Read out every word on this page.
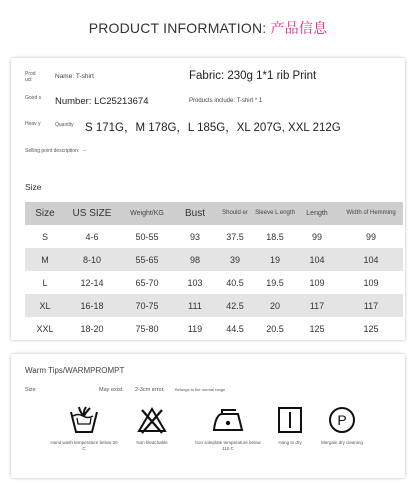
PRODUCT INFORMATION: 产品信息
Prod uct	Name: T-shirt	Fabric: 230g 1*1 rib Print
Good s Number: LC25213674	Products include: T-shirt * 1
Heav y	Quantity S 171G，M 178G，L 185G，XL 207G, XXL 212G
Selling point description: --
Size
Size	US SIZE	Weight/KG	Bust	Should er	Sleeve L ength	Length	Width of Hemming
S	4-6	50-55	93	37.5	18.5	99	99
M	8-10	55-65	98	39	19	104	104
L	12-14	65-70	103	40.5	19.5	109	109
XL	16-18	70-75	111	42.5	20	117	117
XXL	18-20	75-80	119	44.5	20.5	125	125
Warm Tips/WARMPROMPT
Size	May exist. 2-3cm error.	Belongs to the normal range
Hand wash temperature below 30 C
Non bleachable	Iron soleplate temperature below 110 C
Hang to dry
P
Mergain dry cleaning
